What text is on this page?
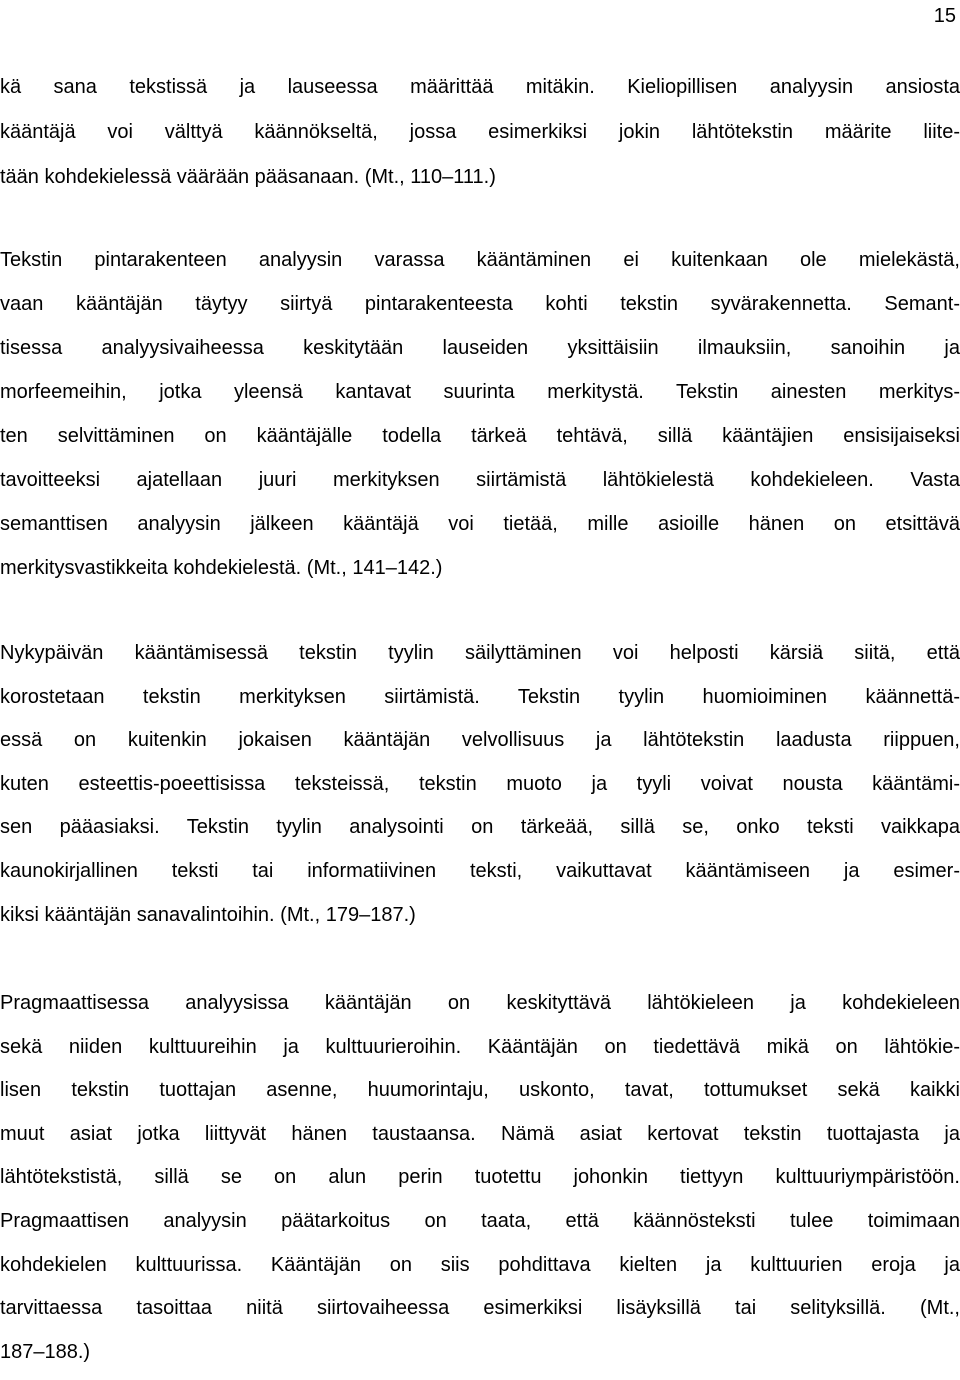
15
kä sana tekstissä ja lauseessa määrittää mitäkin. Kieliopillisen analyysin ansiosta
kääntäjä voi välttyä käännökseltä, jossa esimerkiksi jokin lähtötekstin määrite liite-
tään kohdekielessä väärään pääsanaan. (Mt., 110–111.)
Tekstin pintarakenteen analyysin varassa kääntäminen ei kuitenkaan ole mielekästä,
vaan kääntäjän täytyy siirtyä pintarakenteesta kohti tekstin syvärakennetta. Semant-
tisessa analyysivaiheessa keskitytään lauseiden yksittäisiin ilmauksiin, sanoihin ja
morfeemeihin, jotka yleensä kantavat suurinta merkitystä. Tekstin ainesten merkitys-
ten selvittäminen on kääntäjälle todella tärkeä tehtävä, sillä kääntäjien ensisijaiseksi
tavoitteeksi ajatellaan juuri merkityksen siirtämistä lähtökielestä kohdekieleen. Vasta
semanttisen analyysin jälkeen kääntäjä voi tietää, mille asioille hänen on etsittävä
merkitysvastikkeita kohdekielestä. (Mt., 141–142.)
Nykypäivän kääntämisessä tekstin tyylin säilyttäminen voi helposti kärsiä siitä, että
korostetaan tekstin merkityksen siirtämistä. Tekstin tyylin huomioiminen käännettä-
essä on kuitenkin jokaisen kääntäjän velvollisuus ja lähtötekstin laadusta riippuen,
kuten esteettis-poeettisissa teksteissä, tekstin muoto ja tyyli voivat nousta kääntämi-
sen pääasiaksi. Tekstin tyylin analysointi on tärkeää, sillä se, onko teksti vaikkapa
kaunokirjallinen teksti tai informatiivinen teksti, vaikuttavat kääntämiseen ja esimer-
kiksi kääntäjän sanavalintoihin. (Mt., 179–187.)
Pragmaattisessa analyysissa kääntäjän on keskityttävä lähtökieleen ja kohdekieleen
sekä niiden kulttuureihin ja kulttuurieroihin. Kääntäjän on tiedettävä mikä on lähtökie-
lisen tekstin tuottajan asenne, huumorintaju, uskonto, tavat, tottumukset sekä kaikki
muut asiat jotka liittyvät hänen taustaansa. Nämä asiat kertovat tekstin tuottajasta ja
lähtötekstistä, sillä se on alun perin tuotettu johonkin tiettyyn kulttuuriympäristöön.
Pragmaattisen analyysin päätarkoitus on taata, että käännösteksti tulee toimimaan
kohdekielen kulttuurissa. Kääntäjän on siis pohdittava kielten ja kulttuurien eroja ja
tarvittaessa tasoittaa niitä siirtovaiheessa esimerkiksi lisäyksillä tai selityksillä. (Mt.,
187–188.)
